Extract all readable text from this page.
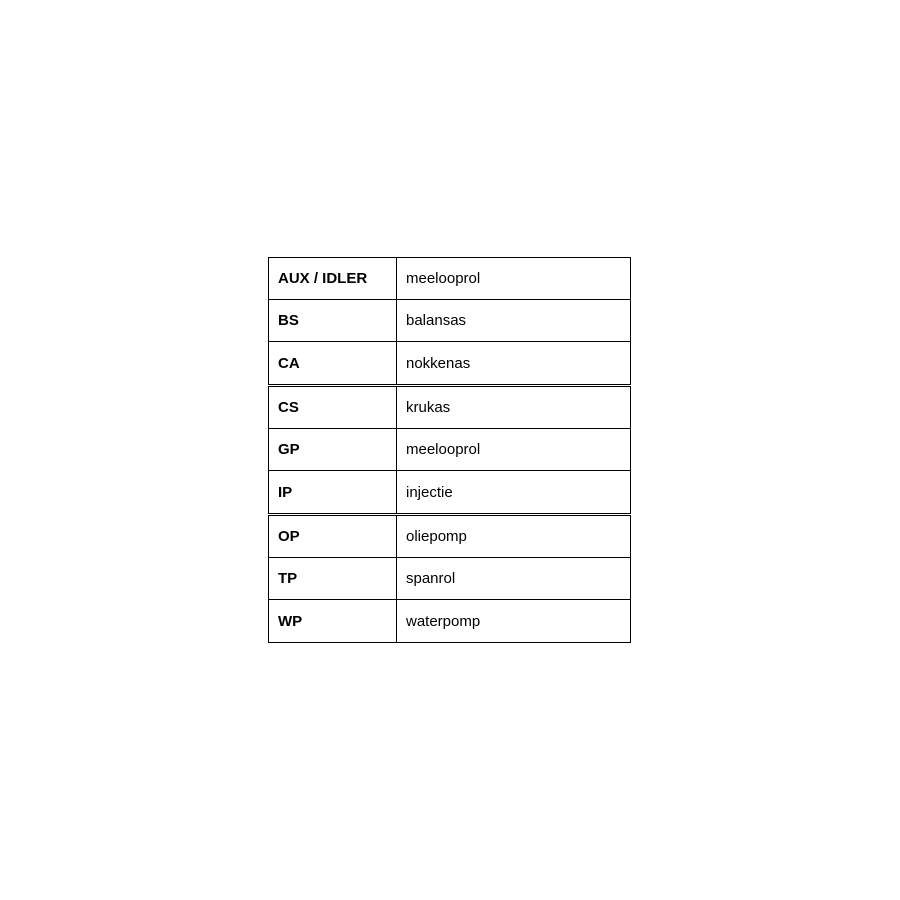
AUX / IDLER	meelooprol
BS	balansas
CA	nokkenas
CS	krukas
GP	meelooprol
IP	injectie
OP	oliepomp
TP	spanrol
WP	waterpomp
